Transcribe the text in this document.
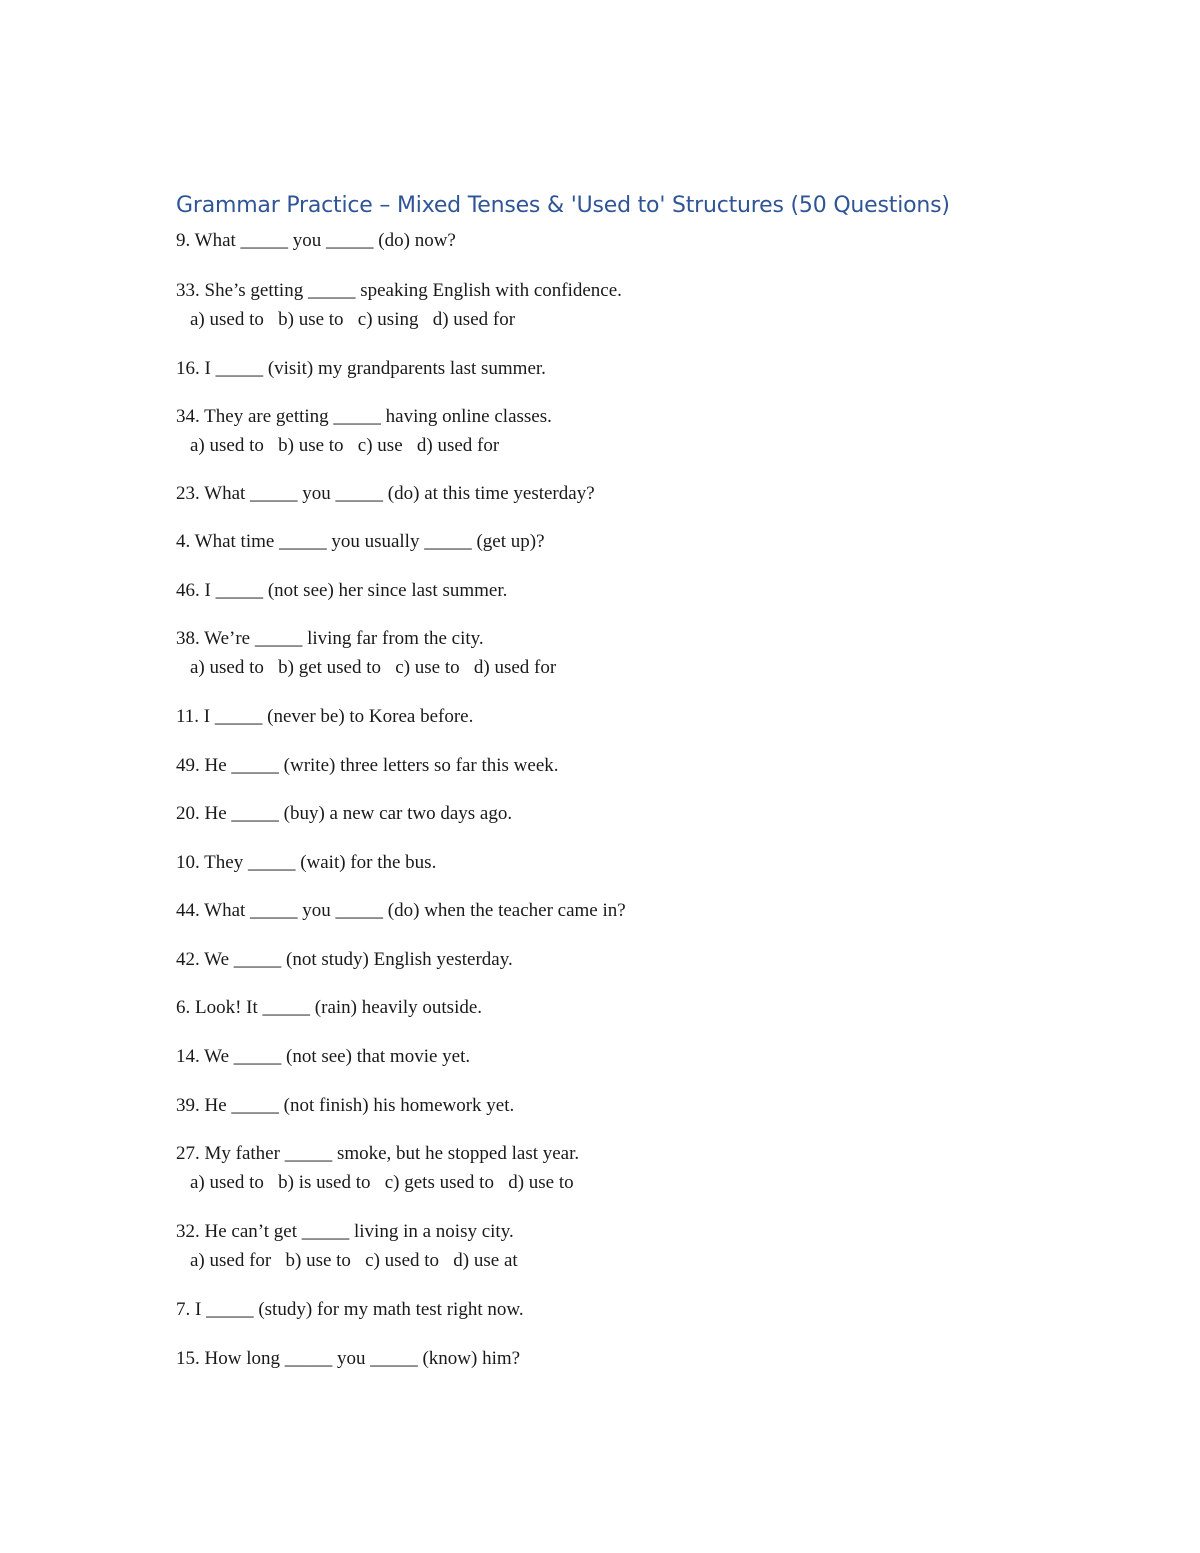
Grammar Practice – Mixed Tenses & 'Used to' Structures (50 Questions)
9. What _____ you _____ (do) now?
33. She’s getting _____ speaking English with confidence.
a) used to   b) use to   c) using   d) used for
16. I _____ (visit) my grandparents last summer.
34. They are getting _____ having online classes.
a) used to   b) use to   c) use   d) used for
23. What _____ you _____ (do) at this time yesterday?
4. What time _____ you usually _____ (get up)?
46. I _____ (not see) her since last summer.
38. We’re _____ living far from the city.
a) used to   b) get used to   c) use to   d) used for
11. I _____ (never be) to Korea before.
49. He _____ (write) three letters so far this week.
20. He _____ (buy) a new car two days ago.
10. They _____ (wait) for the bus.
44. What _____ you _____ (do) when the teacher came in?
42. We _____ (not study) English yesterday.
6. Look! It _____ (rain) heavily outside.
14. We _____ (not see) that movie yet.
39. He _____ (not finish) his homework yet.
27. My father _____ smoke, but he stopped last year.
a) used to   b) is used to   c) gets used to   d) use to
32. He can’t get _____ living in a noisy city.
a) used for   b) use to   c) used to   d) use at
7. I _____ (study) for my math test right now.
15. How long _____ you _____ (know) him?
